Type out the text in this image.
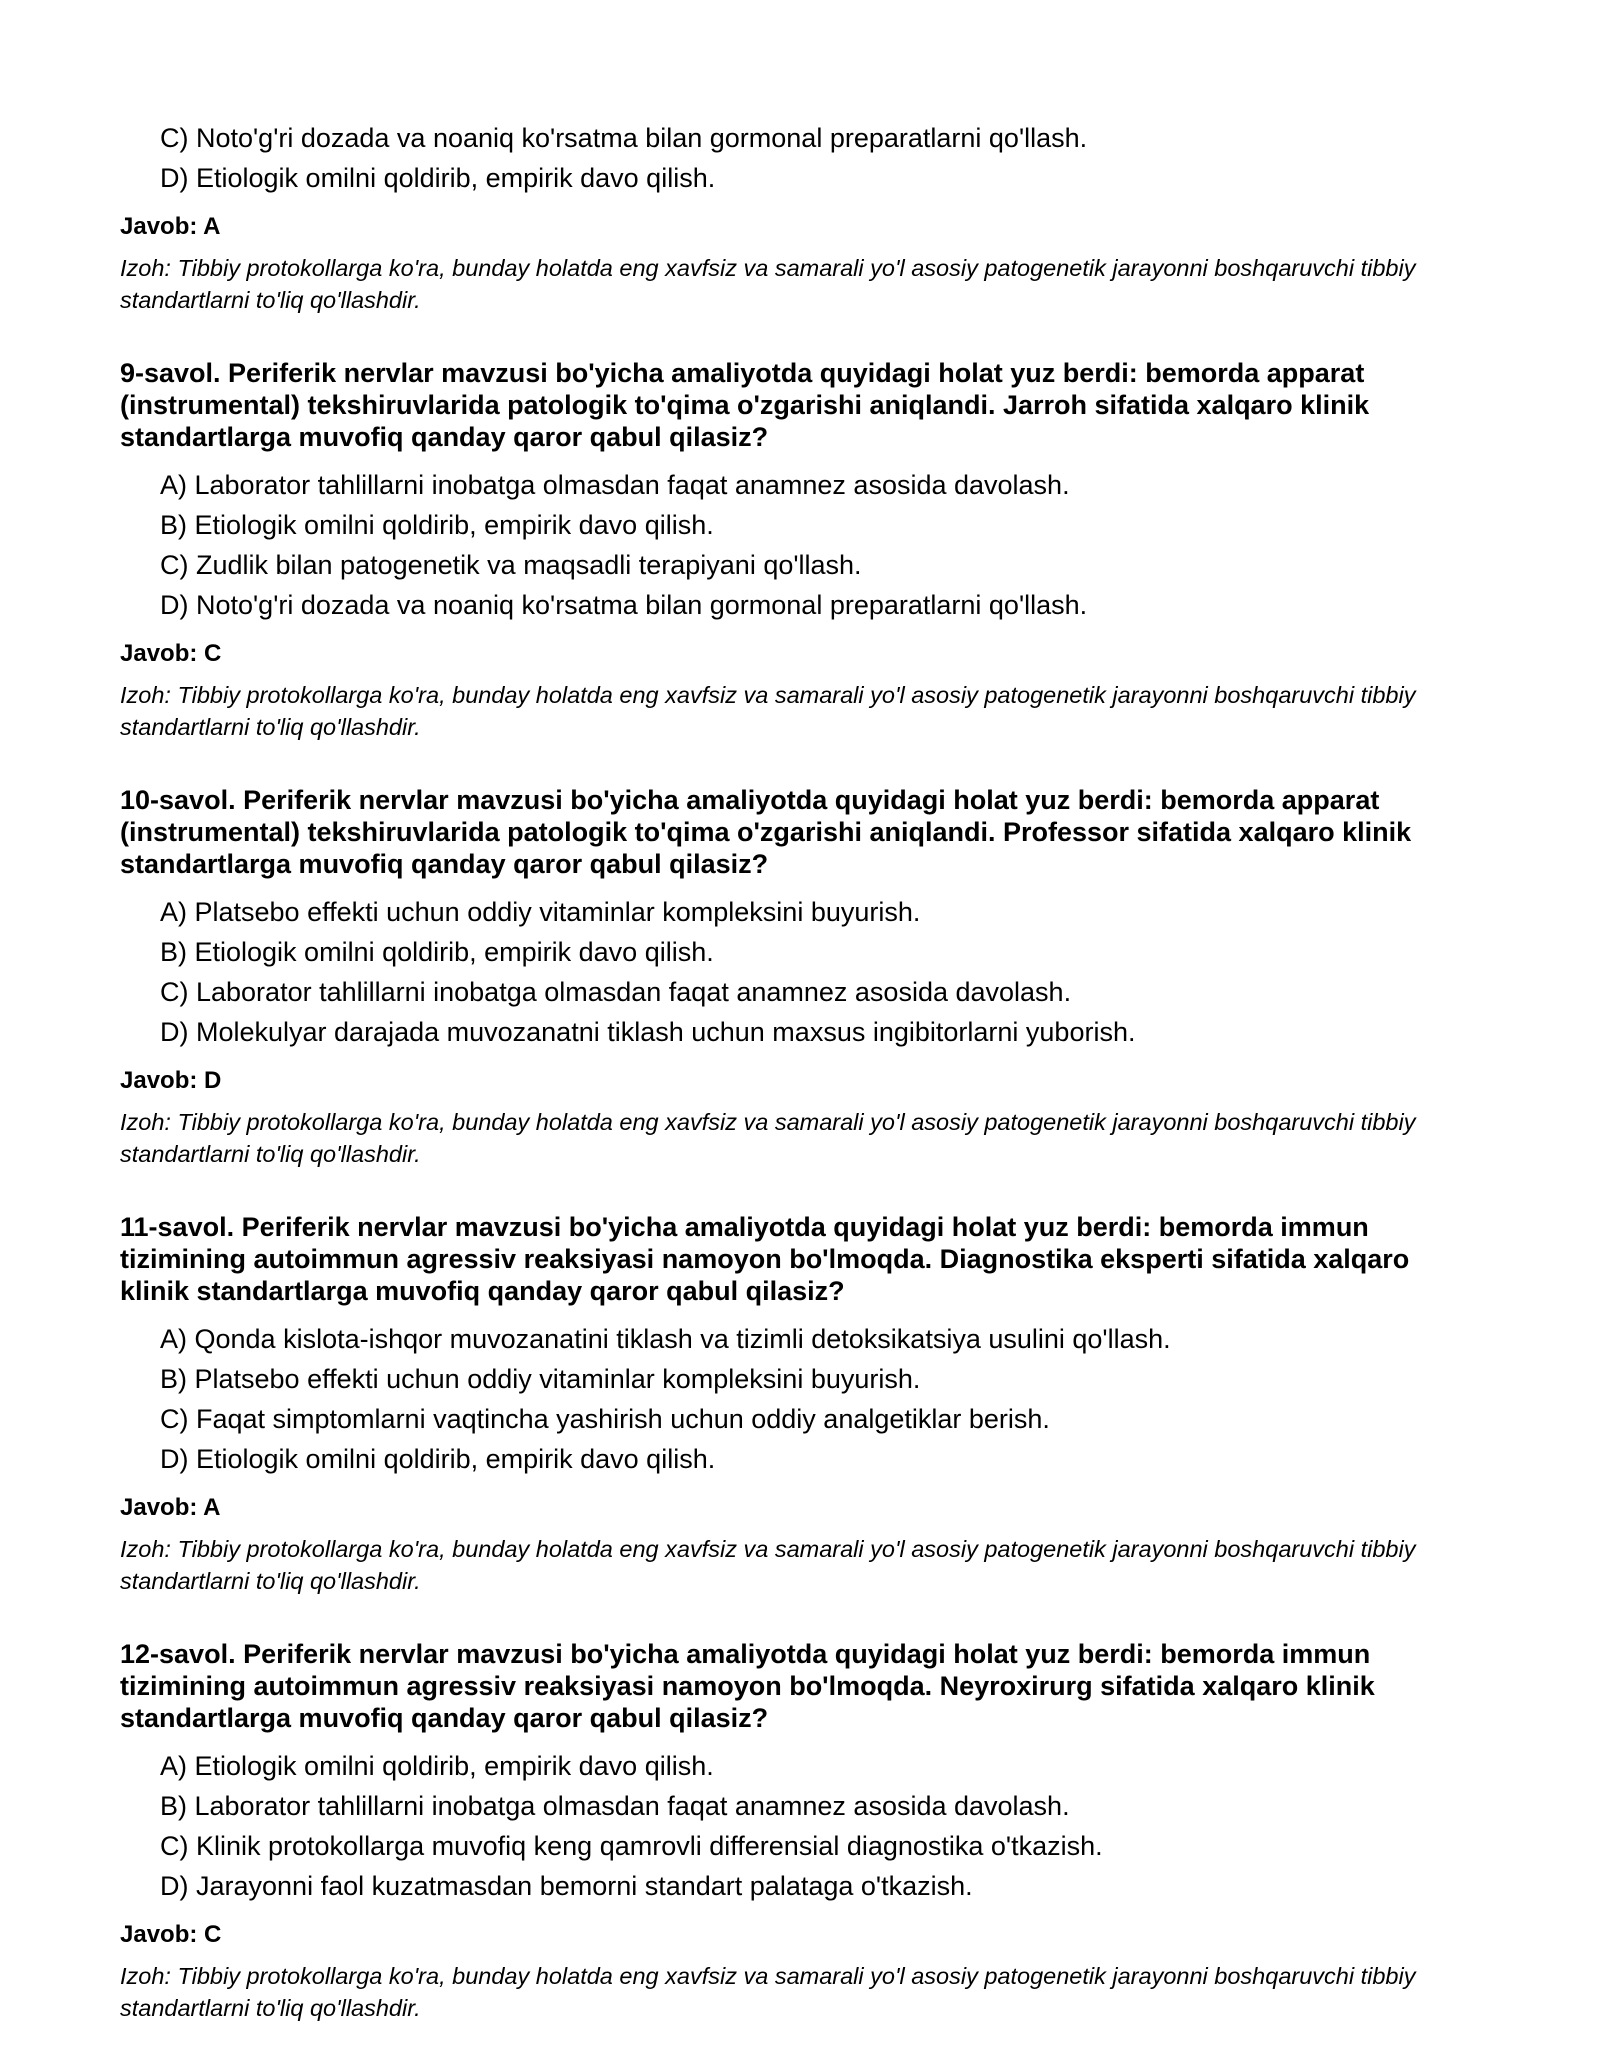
C) Noto'g'ri dozada va noaniq ko'rsatma bilan gormonal preparatlarni qo'llash.
D) Etiologik omilni qoldirib, empirik davo qilish.

Javob: A

Izoh: Tibbiy protokollarga ko'ra, bunday holatda eng xavfsiz va samarali yo'l asosiy patogenetik jarayonni boshqaruvchi tibbiy standartlarni to'liq qo'llashdir.

9-savol. Periferik nervlar mavzusi bo'yicha amaliyotda quyidagi holat yuz berdi: bemorda apparat (instrumental) tekshiruvlarida patologik to'qima o'zgarishi aniqlandi. Jarroh sifatida xalqaro klinik standartlarga muvofiq qanday qaror qabul qilasiz?

A) Laborator tahlillarni inobatga olmasdan faqat anamnez asosida davolash.
B) Etiologik omilni qoldirib, empirik davo qilish.
C) Zudlik bilan patogenetik va maqsadli terapiyani qo'llash.
D) Noto'g'ri dozada va noaniq ko'rsatma bilan gormonal preparatlarni qo'llash.

Javob: C

Izoh: Tibbiy protokollarga ko'ra, bunday holatda eng xavfsiz va samarali yo'l asosiy patogenetik jarayonni boshqaruvchi tibbiy standartlarni to'liq qo'llashdir.

10-savol. Periferik nervlar mavzusi bo'yicha amaliyotda quyidagi holat yuz berdi: bemorda apparat (instrumental) tekshiruvlarida patologik to'qima o'zgarishi aniqlandi. Professor sifatida xalqaro klinik standartlarga muvofiq qanday qaror qabul qilasiz?

A) Platsebo effekti uchun oddiy vitaminlar kompleksini buyurish.
B) Etiologik omilni qoldirib, empirik davo qilish.
C) Laborator tahlillarni inobatga olmasdan faqat anamnez asosida davolash.
D) Molekulyar darajada muvozanatni tiklash uchun maxsus ingibitorlarni yuborish.

Javob: D

Izoh: Tibbiy protokollarga ko'ra, bunday holatda eng xavfsiz va samarali yo'l asosiy patogenetik jarayonni boshqaruvchi tibbiy standartlarni to'liq qo'llashdir.

11-savol. Periferik nervlar mavzusi bo'yicha amaliyotda quyidagi holat yuz berdi: bemorda immun tizimining autoimmun agressiv reaksiyasi namoyon bo'lmoqda. Diagnostika eksperti sifatida xalqaro klinik standartlarga muvofiq qanday qaror qabul qilasiz?

A) Qonda kislota-ishqor muvozanatini tiklash va tizimli detoksikatsiya usulini qo'llash.
B) Platsebo effekti uchun oddiy vitaminlar kompleksini buyurish.
C) Faqat simptomlarni vaqtincha yashirish uchun oddiy analgetiklar berish.
D) Etiologik omilni qoldirib, empirik davo qilish.

Javob: A

Izoh: Tibbiy protokollarga ko'ra, bunday holatda eng xavfsiz va samarali yo'l asosiy patogenetik jarayonni boshqaruvchi tibbiy standartlarni to'liq qo'llashdir.

12-savol. Periferik nervlar mavzusi bo'yicha amaliyotda quyidagi holat yuz berdi: bemorda immun tizimining autoimmun agressiv reaksiyasi namoyon bo'lmoqda. Neyroxirurg sifatida xalqaro klinik standartlarga muvofiq qanday qaror qabul qilasiz?

A) Etiologik omilni qoldirib, empirik davo qilish.
B) Laborator tahlillarni inobatga olmasdan faqat anamnez asosida davolash.
C) Klinik protokollarga muvofiq keng qamrovli differensial diagnostika o'tkazish.
D) Jarayonni faol kuzatmasdan bemorni standart palataga o'tkazish.

Javob: C

Izoh: Tibbiy protokollarga ko'ra, bunday holatda eng xavfsiz va samarali yo'l asosiy patogenetik jarayonni boshqaruvchi tibbiy standartlarni to'liq qo'llashdir.
